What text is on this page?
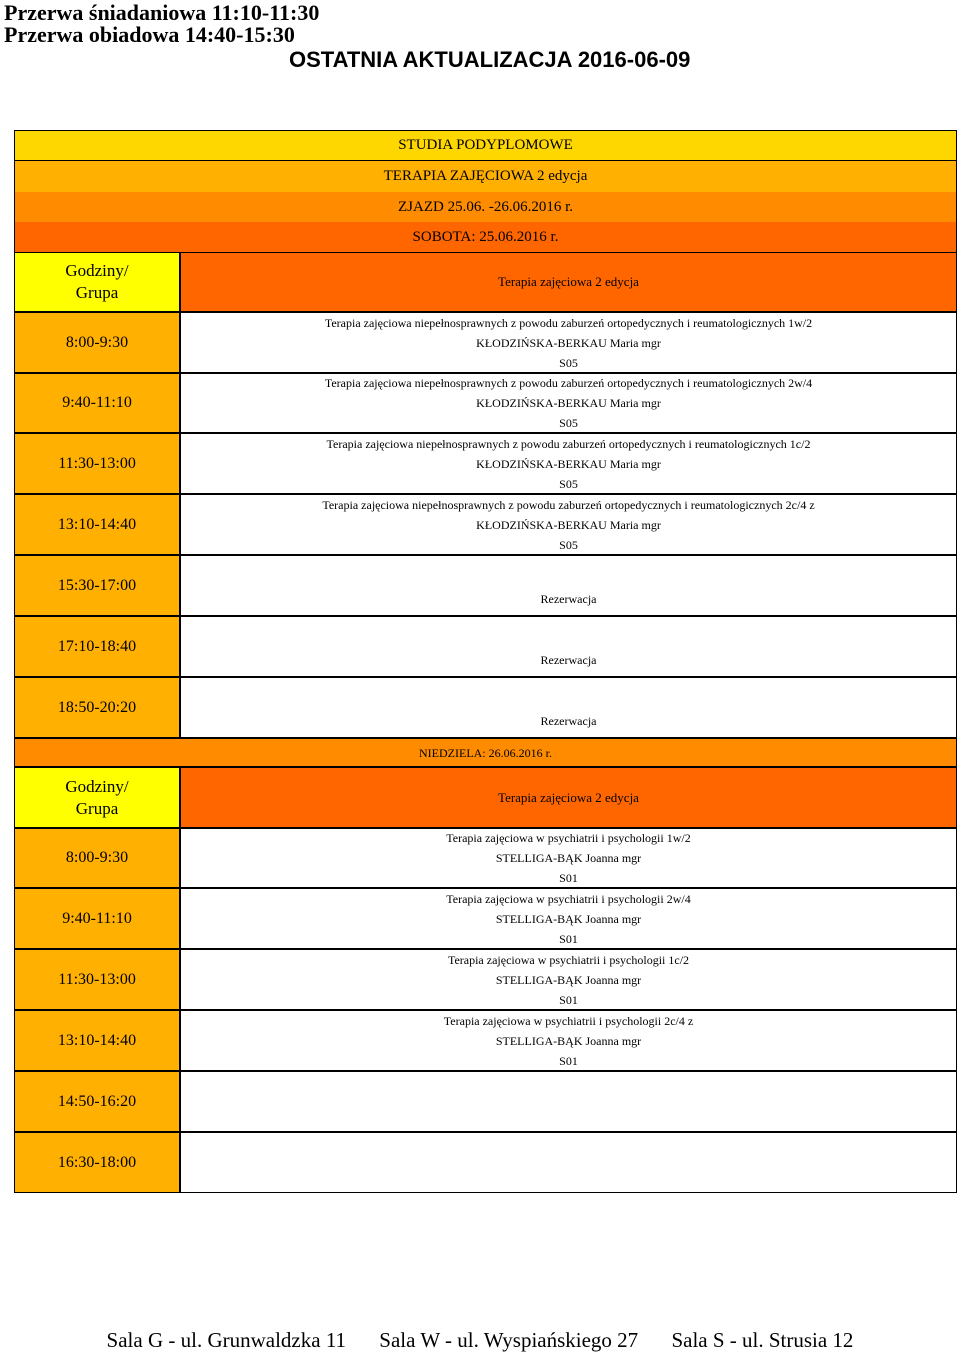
Przerwa śniadaniowa 11:10-11:30
Przerwa obiadowa 14:40-15:30
OSTATNIA AKTUALIZACJA 2016-06-09
STUDIA PODYPLOMOWE
TERAPIA ZAJĘCIOWA 2 edycja
ZJAZD 25.06. -26.06.2016 r.
SOBOTA: 25.06.2016 r.
Godziny/
Grupa
Terapia zajęciowa 2 edycja
8:00-9:30
9:40-11:10
11:30-13:00
13:10-14:40
15:30-17:00
17:10-18:40
18:50-20:20
Terapia zajęciowa niepełnosprawnych z powodu zaburzeń ortopedycznych i reumatologicznych 1w/2
KŁODZIŃSKA-BERKAU Maria mgr
S05
Terapia zajęciowa niepełnosprawnych z powodu zaburzeń ortopedycznych i reumatologicznych 2w/4
KŁODZIŃSKA-BERKAU Maria mgr
S05
Terapia zajęciowa niepełnosprawnych z powodu zaburzeń ortopedycznych i reumatologicznych 1c/2
KŁODZIŃSKA-BERKAU Maria mgr
S05
Terapia zajęciowa niepełnosprawnych z powodu zaburzeń ortopedycznych i reumatologicznych 2c/4 z
KŁODZIŃSKA-BERKAU Maria mgr
S05
Rezerwacja
Rezerwacja
Rezerwacja
NIEDZIELA: 26.06.2016 r.
Godziny/
Grupa
Terapia zajęciowa 2 edycja
8:00-9:30
9:40-11:10
11:30-13:00
13:10-14:40
14:50-16:20
16:30-18:00
Terapia zajęciowa w psychiatrii i psychologii 1w/2
STELLIGA-BĄK Joanna mgr
S01
Terapia zajęciowa w psychiatrii i psychologii 2w/4
STELLIGA-BĄK Joanna mgr
S01
Terapia zajęciowa w psychiatrii i psychologii 1c/2
STELLIGA-BĄK Joanna mgr
S01
Terapia zajęciowa w psychiatrii i psychologii 2c/4 z
STELLIGA-BĄK Joanna mgr
S01
Sala G - ul. Grunwaldzka 11 Sala W - ul. Wyspiańskiego 27 Sala S - ul. Strusia 12
